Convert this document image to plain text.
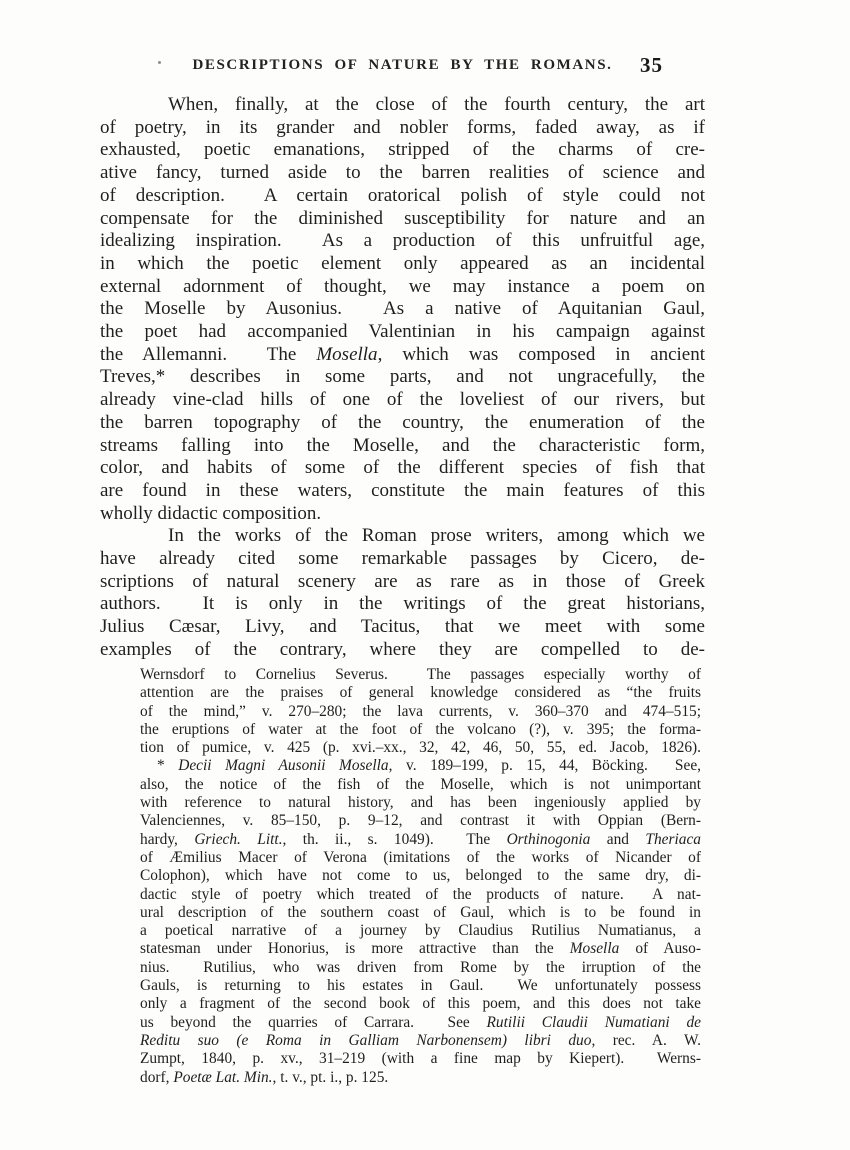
DESCRIPTIONS OF NATURE BY THE ROMANS.	35
When, finally, at the close of the fourth century, the art
of poetry, in its grander and nobler forms, faded away, as if
exhausted, poetic emanations, stripped of the charms of cre-
ative fancy, turned aside to the barren realities of science and
of description.  A certain oratorical polish of style could not
compensate for the diminished susceptibility for nature and an
idealizing inspiration.  As a production of this unfruitful age,
in which the poetic element only appeared as an incidental
external adornment of thought, we may instance a poem on
the Moselle by Ausonius.  As a native of Aquitanian Gaul,
the poet had accompanied Valentinian in his campaign against
the Allemanni.  The Mosella, which was composed in ancient
Treves,* describes in some parts, and not ungracefully, the
already vine-clad hills of one of the loveliest of our rivers, but
the barren topography of the country, the enumeration of the
streams falling into the Moselle, and the characteristic form,
color, and habits of some of the different species of fish that
are found in these waters, constitute the main features of this
wholly didactic composition.
In the works of the Roman prose writers, among which we
have already cited some remarkable passages by Cicero, de-
scriptions of natural scenery are as rare as in those of Greek
authors.  It is only in the writings of the great historians,
Julius Cæsar, Livy, and Tacitus, that we meet with some
examples of the contrary, where they are compelled to de-
Wernsdorf to Cornelius Severus.  The passages especially worthy of
attention are the praises of general knowledge considered as “the fruits
of the mind,” v. 270–280; the lava currents, v. 360–370 and 474–515;
the eruptions of water at the foot of the volcano (?), v. 395; the forma-
tion of pumice, v. 425 (p. xvi.–xx., 32, 42, 46, 50, 55, ed. Jacob, 1826).
* Decii Magni Ausonii Mosella, v. 189–199, p. 15, 44, Böcking.  See,
also, the notice of the fish of the Moselle, which is not unimportant
with reference to natural history, and has been ingeniously applied by
Valenciennes, v. 85–150, p. 9–12, and contrast it with Oppian (Bern-
hardy, Griech. Litt., th. ii., s. 1049).  The Orthinogonia and Theriaca
of Æmilius Macer of Verona (imitations of the works of Nicander of
Colophon), which have not come to us, belonged to the same dry, di-
dactic style of poetry which treated of the products of nature.  A nat-
ural description of the southern coast of Gaul, which is to be found in
a poetical narrative of a journey by Claudius Rutilius Numatianus, a
statesman under Honorius, is more attractive than the Mosella of Auso-
nius.  Rutilius, who was driven from Rome by the irruption of the
Gauls, is returning to his estates in Gaul.  We unfortunately possess
only a fragment of the second book of this poem, and this does not take
us beyond the quarries of Carrara.  See Rutilii Claudii Numatiani de
Reditu suo (e Roma in Galliam Narbonensem) libri duo, rec. A. W.
Zumpt, 1840, p. xv., 31–219 (with a fine map by Kiepert).  Werns-
dorf, Poetæ Lat. Min., t. v., pt. i., p. 125.
